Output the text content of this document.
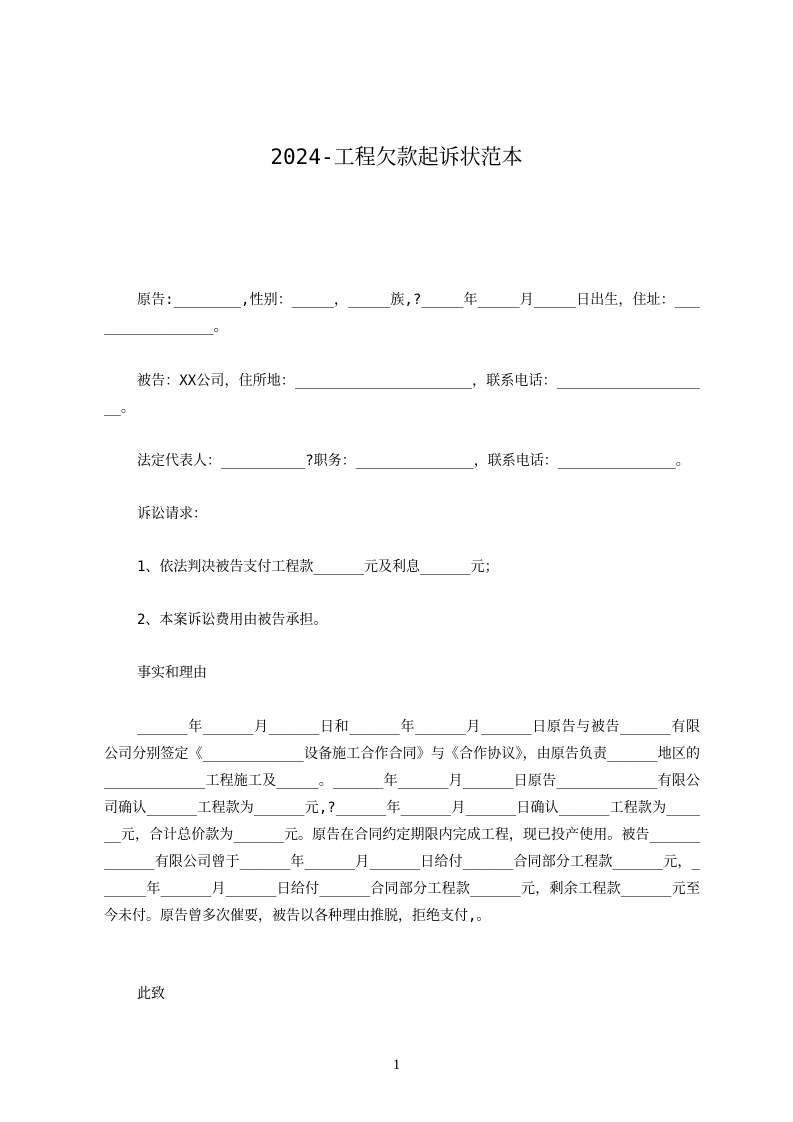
2024-工程欠款起诉状范本
原告:________,性别：_____，_____族,?_____年_____月_____日出生，住址：________________。
被告：XX公司，住所地：_____________________，联系电话：___________________。
法定代表人：__________?职务：______________，联系电话：______________。
诉讼请求：
1、依法判决被告支付工程款______元及利息______元；
2、本案诉讼费用由被告承担。
事实和理由
______年______月______日和______年______月______日原告与被告______有限公司分别签定《____________设备施工合作合同》与《合作协议》，由原告负责______地区的____________工程施工及_____。______年______月______日原告____________有限公司确认______工程款为______元,?______年______月______日确认______工程款为______元，合计总价款为______元。原告在合同约定期限内完成工程，现已投产使用。被告____________有限公司曾于______年______月______日给付______合同部分工程款______元，______年______月______日给付______合同部分工程款______元，剩余工程款______元至今未付。原告曾多次催要，被告以各种理由推脱，拒绝支付,。
此致
1
